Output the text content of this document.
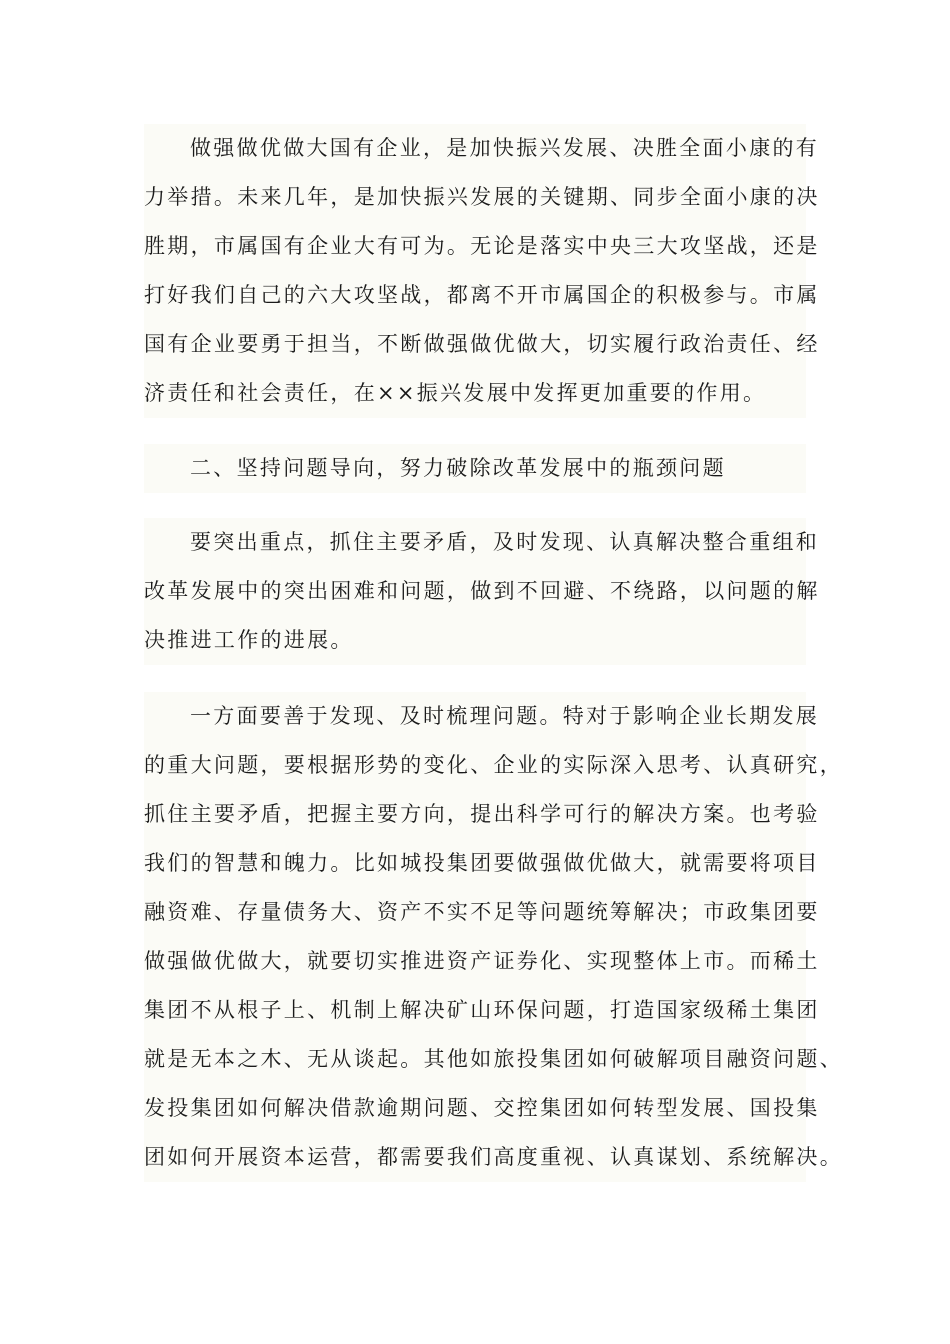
做强做优做大国有企业，是加快振兴发展、决胜全面小康的有
力举措。未来几年，是加快振兴发展的关键期、同步全面小康的决
胜期，市属国有企业大有可为。无论是落实中央三大攻坚战，还是
打好我们自己的六大攻坚战，都离不开市属国企的积极参与。市属
国有企业要勇于担当，不断做强做优做大，切实履行政治责任、经
济责任和社会责任，在××振兴发展中发挥更加重要的作用。
二、坚持问题导向，努力破除改革发展中的瓶颈问题
要突出重点，抓住主要矛盾，及时发现、认真解决整合重组和
改革发展中的突出困难和问题，做到不回避、不绕路，以问题的解
决推进工作的进展。
一方面要善于发现、及时梳理问题。特对于影响企业长期发展
的重大问题，要根据形势的变化、企业的实际深入思考、认真研究，
抓住主要矛盾，把握主要方向，提出科学可行的解决方案。也考验
我们的智慧和魄力。比如城投集团要做强做优做大，就需要将项目
融资难、存量债务大、资产不实不足等问题统筹解决；市政集团要
做强做优做大，就要切实推进资产证券化、实现整体上市。而稀土
集团不从根子上、机制上解决矿山环保问题，打造国家级稀土集团
就是无本之木、无从谈起。其他如旅投集团如何破解项目融资问题、
发投集团如何解决借款逾期问题、交控集团如何转型发展、国投集
团如何开展资本运营，都需要我们高度重视、认真谋划、系统解决。
